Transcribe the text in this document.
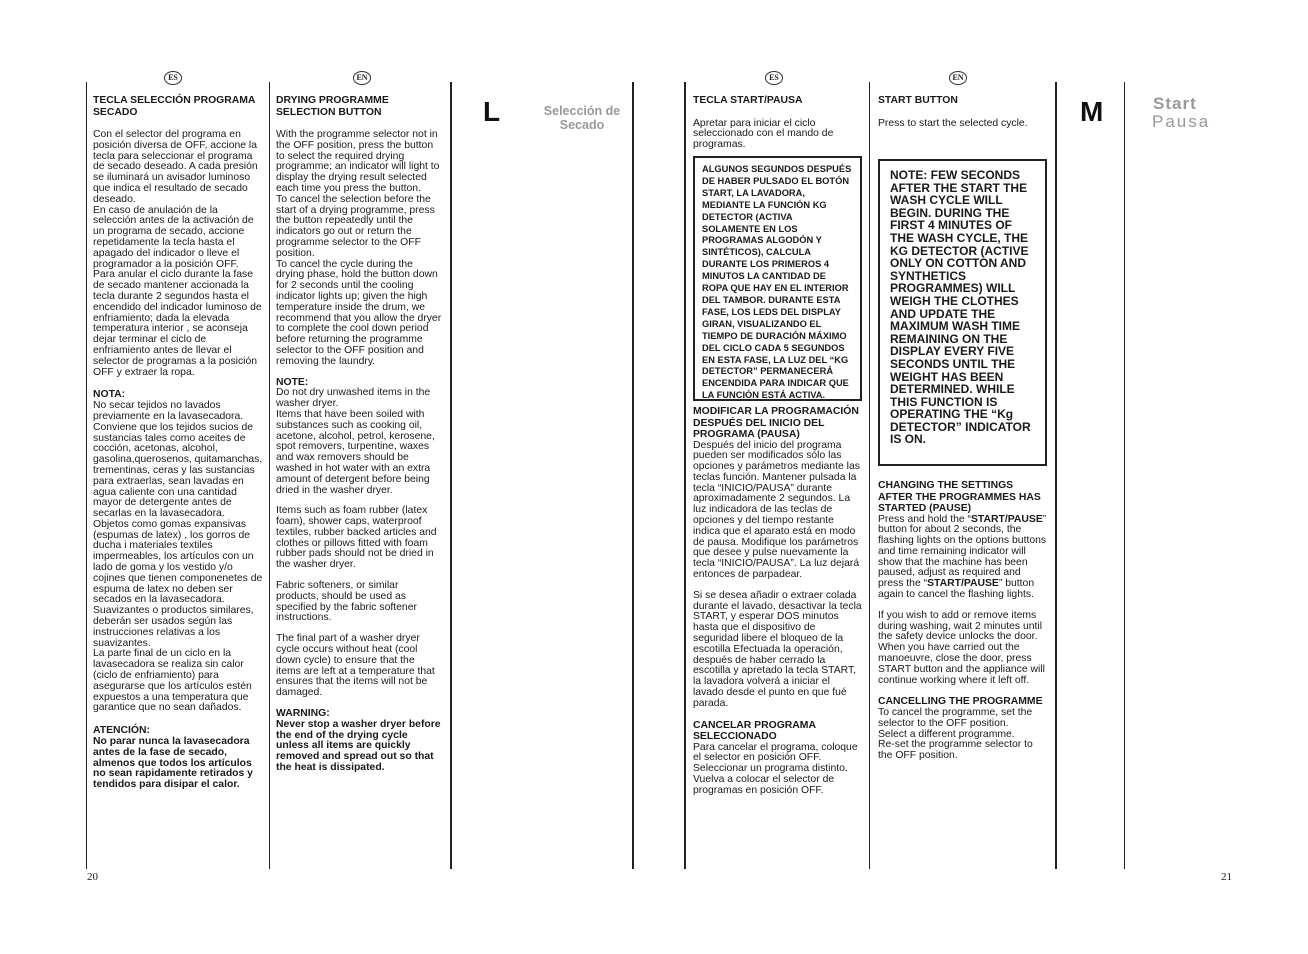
ES	EN	ES	EN

TECLA SELECCIÓN PROGRAMA SECADO

Con el selector del programa en posición diversa de OFF, accione la tecla para seleccionar el programa de secado deseado. A cada presión se iluminará un avisador luminoso que indica el resultado de secado deseado.

En caso de anulación de la selección antes de la activación de un programa de secado, accione repetidamente la tecla hasta el apagado del indicador o lleve el programador a la posición OFF. Para anular el ciclo durante la fase de secado mantener accionada la tecla durante 2 segundos hasta el encendido del indicador luminoso de enfriamiento; dada la elevada temperatura interior , se aconseja dejar terminar el ciclo de enfriamiento antes de llevar el selector de programas a la posición OFF y extraer la ropa.

NOTA:

No secar tejidos no lavados previamente en la lavasecadora.

Conviene que los tejidos sucios de sustancias tales como aceites de cocción, acetonas, alcohol, gasolina,querosenos, quitamanchas, trementinas, ceras y las sustancias para extraerlas, sean lavadas en agua caliente con una cantidad mayor de detergente antes de secarlas en la lavasecadora. Objetos como gomas expansivas (espumas de latex) , los gorros de ducha i materiales textiles impermeables, los artículos con un lado de goma y los vestido y/o cojines que tienen componenetes de espuma de latex no deben ser secados en la lavasecadora. Suavizantes o productos similares, deberán ser usados según las instrucciones relativas a los suavizantes.

La parte final de un ciclo en la lavasecadora se realiza sin calor (ciclo de enfriamiento) para asegurarse que los artículos estén expuestos a una temperatura que garantice que no sean dañados.

ATENCIÓN:

No parar nunca la lavasecadora antes de la fase de secado, almenos que todos los artículos no sean rapidamente retirados y tendidos para disipar el calor.

DRYING PROGRAMME SELECTION BUTTON

With the programme selector not in the OFF position, press the button to select the required drying programme; an indicator will light to display the drying result selected each time you press the button.

To cancel the selection before the start of a drying programme, press the button repeatedly until the indicators go out or return the programme selector to the OFF position.

To cancel the cycle during the drying phase, hold the button down for 2 seconds until the cooling indicator lights up; given the high temperature inside the drum, we recommend that you allow the dryer to complete the cool down period before returning the programme selector to the OFF position and removing the laundry.

NOTE:

Do not dry unwashed items in the washer dryer.

Items that have been soiled with substances such as cooking oil, acetone, alcohol, petrol, kerosene, spot removers, turpentine, waxes and wax removers should be washed in hot water with an extra amount of detergent before being dried in the washer dryer.

Items such as foam rubber (latex foam), shower caps, waterproof textiles, rubber backed articles and clothes or pillows fitted with foam rubber pads should not be dried in the washer dryer.

Fabric softeners, or similar products, should be used as specified by the fabric softener instructions.

The final part of a washer dryer cycle occurs without heat (cool down cycle) to ensure that the items are left at a temperature that ensures that the items will not be damaged.

WARNING:

Never stop a washer dryer before the end of the drying cycle unless all items are quickly removed and spread out so that the heat is dissipated.

L	Selección de Secado
20

TECLA START/PAUSA

Apretar para iniciar el ciclo seleccionado con el mando de programas.

ALGUNOS SEGUNDOS DESPUÉS DE HABER PULSADO EL BOTÓN START, LA LAVADORA, MEDIANTE LA FUNCIÓN KG DETECTOR (ACTIVA SOLAMENTE EN LOS PROGRAMAS ALGODÓN Y SINTÉTICOS), CALCULA DURANTE LOS PRIMEROS 4 MINUTOS LA CANTIDAD DE ROPA QUE HAY EN EL INTERIOR DEL TAMBOR. DURANTE ESTA FASE, LOS LEDS DEL DISPLAY GIRAN, VISUALIZANDO EL TIEMPO DE DURACIÓN MÁXIMO DEL CICLO CADA 5 SEGUNDOS EN ESTA FASE, LA LUZ DEL “KG DETECTOR” PERMANECERÁ ENCENDIDA PARA INDICAR QUE LA FUNCIÓN ESTÁ ACTIVA.

MODIFICAR LA PROGRAMACIÓN DESPUÉS DEL INICIO DEL PROGRAMA (PAUSA)

Después del inicio del programa pueden ser modificados sólo las opciones y parámetros mediante las teclas función. Mantener pulsada la tecla “INICIO/PAUSA” durante aproximadamente 2 segundos. La luz indicadora de las teclas de opciones y del tiempo restante indica que el aparato está en modo de pausa. Modifique los parámetros que desee y pulse nuevamente la tecla “INICIO/PAUSA”. La luz dejará entonces de parpadear.

Si se desea añadir o extraer colada durante el lavado, desactivar la tecla START, y esperar DOS minutos hasta que el dispositivo de seguridad libere el bloqueo de la escotilla Efectuada la operación, después de haber cerrado la escotilla y apretado la tecla START, la lavadora volverá a iniciar el lavado desde el punto en que fué parada.

CANCELAR PROGRAMA SELECCIONADO

Para cancelar el programa, coloque el selector en posición OFF.

Seleccionar un programa distinto.

Vuelva a colocar el selector de programas en posición OFF.

START BUTTON

Press to start the selected cycle.

NOTE: FEW SECONDS AFTER THE START THE WASH CYCLE WILL BEGIN. DURING THE FIRST 4 MINUTES OF THE WASH CYCLE, THE KG DETECTOR (ACTIVE ONLY ON COTTON AND SYNTHETICS PROGRAMMES) WILL WEIGH THE CLOTHES AND UPDATE THE MAXIMUM WASH TIME REMAINING ON THE DISPLAY EVERY FIVE SECONDS UNTIL THE WEIGHT HAS BEEN DETERMINED. WHILE THIS FUNCTION IS OPERATING THE “Kg DETECTOR” INDICATOR IS ON.

CHANGING THE SETTINGS AFTER THE PROGRAMMES HAS STARTED (PAUSE)

Press and hold the “START/PAUSE” button for about 2 seconds, the flashing lights on the options buttons and time remaining indicator will show that the machine has been paused, adjust as required and press the “START/PAUSE” button again to cancel the flashing lights.

If you wish to add or remove items during washing, wait 2 minutes until the safety device unlocks the door.

When you have carried out the manoeuvre, close the door, press START button and the appliance will continue working where it left off.

CANCELLING THE PROGRAMME

To cancel the programme, set the selector to the OFF position.

Select a different programme.

Re-set the programme selector to the OFF position.

M	Start
Pausa
21
